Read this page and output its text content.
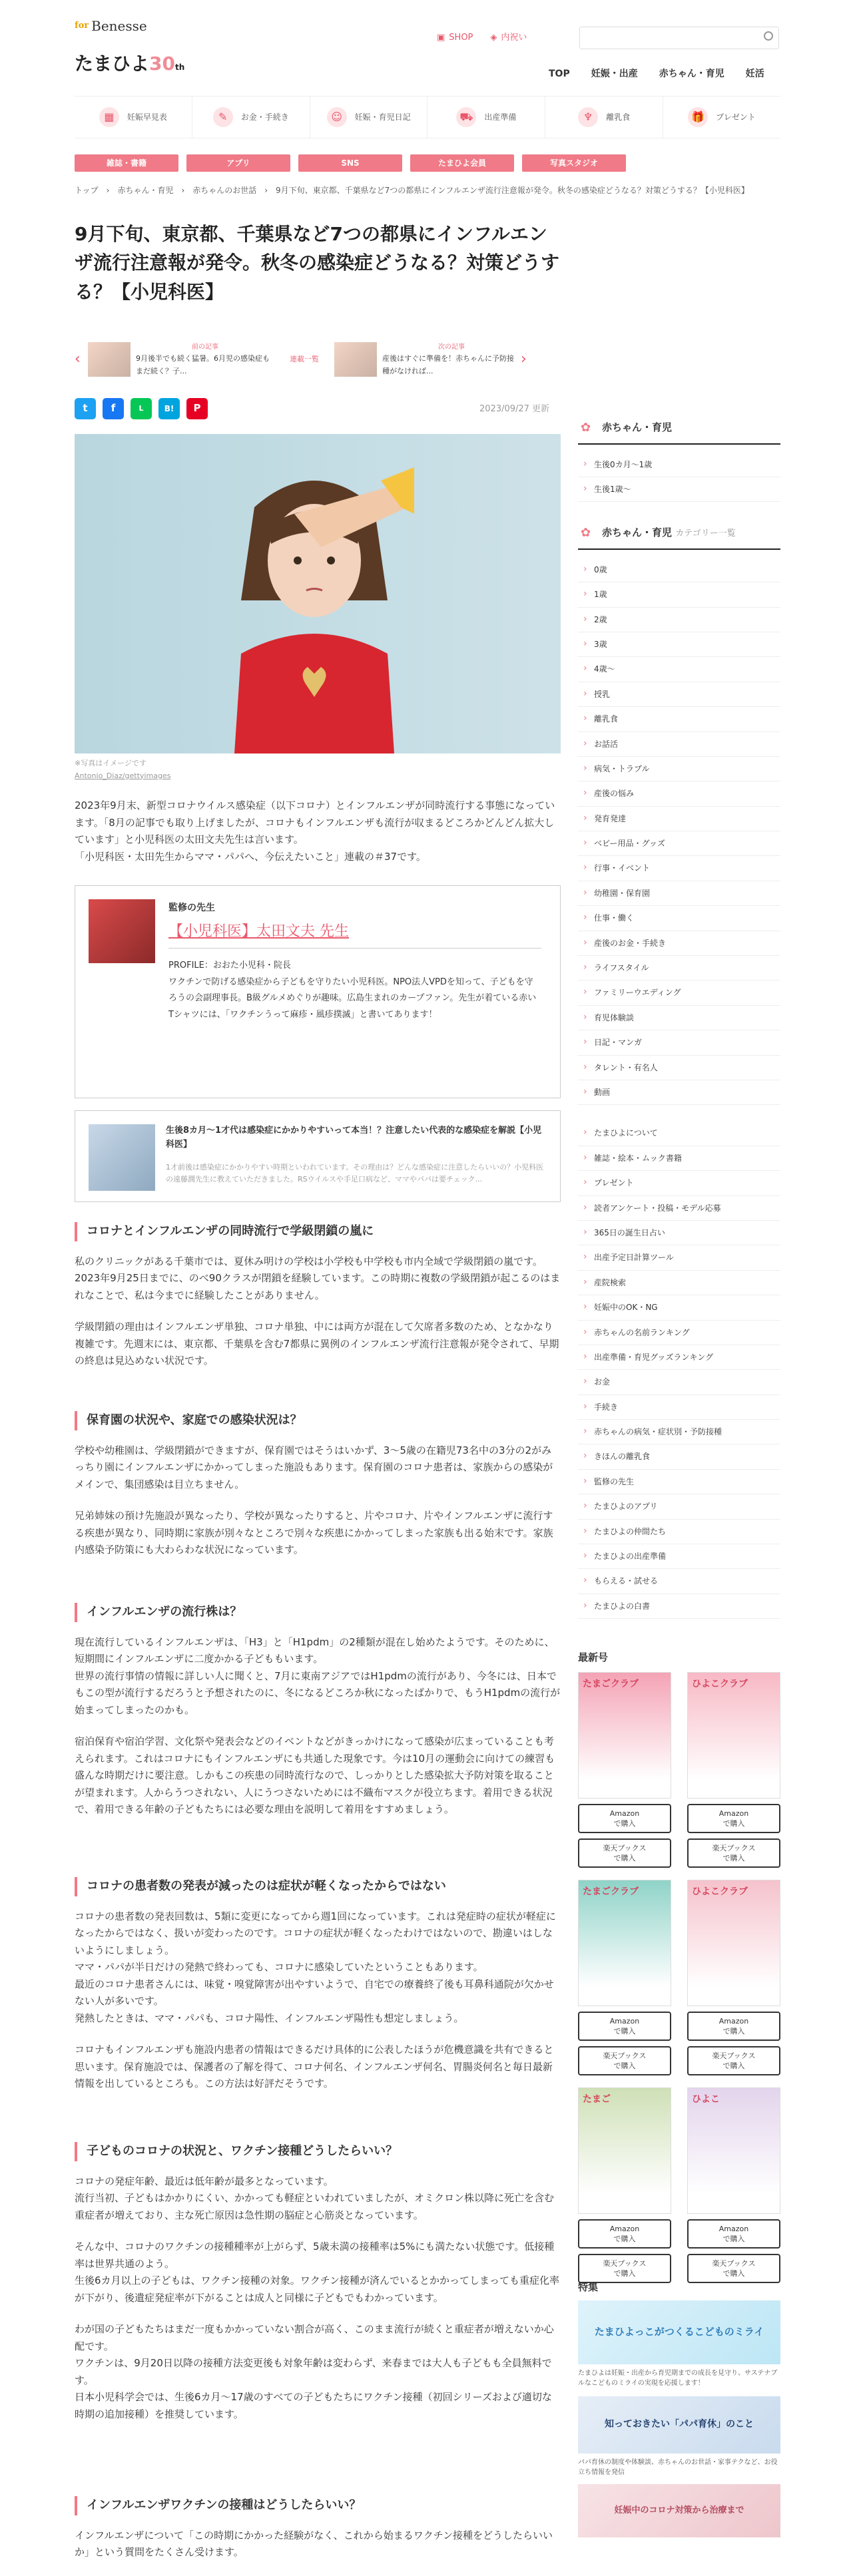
for Benesse
たまひよ30th
▣ SHOP ◈ 内祝い
TOP 妊娠・出産 赤ちゃん・育児 妊活
▦	妊娠早見表	✎	お金・手続き	☺	妊娠・育児日記	⛟	出産準備	♆	離乳食	🎁	プレゼント
雑誌・書籍	アプリ	SNS	たまひよ会員	写真スタジオ
トップ　›　赤ちゃん・育児　›　赤ちゃんのお世話　›　9月下旬、東京都、千葉県など7つの都県にインフルエンザ流行注意報が発令。秋冬の感染症どうなる？対策どうする？【小児科医】
9月下旬、東京都、千葉県など7つの都県にインフルエンザ流行注意報が発令。秋冬の感染症どうなる？対策どうする？【小児科医】
‹
前の記事
9月後半でも続く猛暑。6月児の感染症もまだ続く？子...
連載一覧
次の記事
産後はすぐに準備を！赤ちゃんに予防接種がなければ...
›
t	f	L	B!	P	2023/09/27 更新
※写真はイメージです
Antonio_Diaz/gettyimages
2023年9月末、新型コロナウイルス感染症（以下コロナ）とインフルエンザが同時流行する事態になっています。「8月の記事でも取り上げましたが、コロナもインフルエンザも流行が収まるどころかどんどん拡大しています」と小児科医の太田文夫先生は言います。
「小児科医・太田先生からママ・パパへ、今伝えたいこと」連載の＃37です。
監修の先生
【小児科医】太田文夫 先生
PROFILE：おおた小児科・院長
ワクチンで防げる感染症から子どもを守りたい小児科医。NPO法人VPDを知って、子どもを守ろうの会副理事長。B級グルメめぐりが趣味。広島生まれのカープファン。先生が着ている赤いTシャツには、「ワクチンうって麻疹・風疹撲滅」と書いてあります！
生後8カ月～1才代は感染症にかかりやすいって本当！？注意したい代表的な感染症を解説【小児科医】
1才前後は感染症にかかりやすい時期といわれています。その理由は？どんな感染症に注意したらいいの？小児科医の遠藤潤先生に教えていただきました。RSウイルスや手足口病など、ママやパパは要チェック...
コロナとインフルエンザの同時流行で学級閉鎖の嵐に

私のクリニックがある千葉市では、夏休み明けの学校は小学校も中学校も市内全域で学級閉鎖の嵐です。2023年9月25日までに、のべ90クラスが閉鎖を経験しています。この時期に複数の学級閉鎖が起こるのはまれなことで、私は今までに経験したことがありません。

学級閉鎖の理由はインフルエンザ単独、コロナ単独、中には両方が混在して欠席者多数のため、となかなり複雑です。先週末には、東京都、千葉県を含む7都県に異例のインフルエンザ流行注意報が発令されて、早期の終息は見込めない状況です。

保育園の状況や、家庭での感染状況は？

学校や幼稚園は、学級閉鎖ができますが、保育園ではそうはいかず、3～5歳の在籍児73名中の3分の2がみっちり園にインフルエンザにかかってしまった施設もあります。保育園のコロナ患者は、家族からの感染がメインで、集団感染は目立ちません。

兄弟姉妹の預け先施設が異なったり、学校が異なったりすると、片やコロナ、片やインフルエンザに流行する疾患が異なり、同時期に家族が別々なところで別々な疾患にかかってしまった家族も出る始末です。家族内感染予防策にも大わらわな状況になっています。

インフルエンザの流行株は？

現在流行しているインフルエンザは、「H3」と「H1pdm」の2種類が混在し始めたようです。そのために、短期間にインフルエンザに二度かかる子どももいます。
世界の流行事情の情報に詳しい人に聞くと、7月に東南アジアではH1pdmの流行があり、今冬には、日本でもこの型が流行するだろうと予想されたのに、冬になるどころか秋になったばかりで、もうH1pdmの流行が始まってしまったのかも。

宿泊保育や宿泊学習、文化祭や発表会などのイベントなどがきっかけになって感染が広まっていることも考えられます。これはコロナにもインフルエンザにも共通した現象です。今は10月の運動会に向けての練習も盛んな時期だけに要注意。しかもこの疾患の同時流行なので、しっかりとした感染拡大予防対策を取ることが望まれます。人からうつされない、人にうつさないためには不織布マスクが役立ちます。着用できる状況で、着用できる年齢の子どもたちには必要な理由を説明して着用をすすめましょう。

コロナの患者数の発表が減ったのは症状が軽くなったからではない

コロナの患者数の発表回数は、5類に変更になってから週1回になっています。これは発症時の症状が軽症になったからではなく、扱いが変わったのです。コロナの症状が軽くなったわけではないので、勘違いはしないようにしましょう。
ママ・パパが半日だけの発熱で終わっても、コロナに感染していたということもあります。
最近のコロナ患者さんには、味覚・嗅覚障害が出やすいようで、自宅での療養終了後も耳鼻科通院が欠かせない人が多いです。
発熱したときは、ママ・パパも、コロナ陽性、インフルエンザ陽性も想定しましょう。

コロナもインフルエンザも施設内患者の情報はできるだけ具体的に公表したほうが危機意識を共有できると思います。保育施設では、保護者の了解を得て、コロナ何名、インフルエンザ何名、胃腸炎何名と毎日最新情報を出しているところも。この方法は好評だそうです。

子どものコロナの状況と、ワクチン接種どうしたらいい？

コロナの発症年齢、最近は低年齢が最多となっています。
流行当初、子どもはかかりにくい、かかっても軽症といわれていましたが、オミクロン株以降に死亡を含む重症者が増えており、主な死亡原因は急性期の脳症と心筋炎となっています。

そんな中、コロナのワクチンの接種種率が上がらず、5歳未満の接種率は5%にも満たない状態です。低接種率は世界共通のよう。
生後6カ月以上の子どもは、ワクチン接種の対象。ワクチン接種が済んでいるとかかってしまっても重症化率が下がり、後遺症発症率が下がることは成人と同様に子どもでもわかっています。

わが国の子どもたちはまだ一度もかかっていない割合が高く、このまま流行が続くと重症者が増えないか心配です。
ワクチンは、9月20日以降の接種方法変更後も対象年齢は変わらず、来春までは大人も子どもも全員無料です。
日本小児科学会では、生後6カ月～17歳のすべての子どもたちにワクチン接種（初回シリーズおよび適切な時期の追加接種）を推奨しています。

インフルエンザワクチンの接種はどうしたらいい？

インフルエンザについて「この時期にかかった経験がなく、これから始まるワクチン接種をどうしたらいいか」という質問をたくさん受けます。

✿ 赤ちゃん・育児
› 生後0カ月～1歳
› 生後1歳～
✿ 赤ちゃん・育児 カテゴリー一覧
› 0歳
› 1歳
› 2歳
› 3歳
› 4歳～
› 授乳
› 離乳食
› お話活
› 病気・トラブル
› 産後の悩み
› 発育発達
› ベビー用品・グッズ
› 行事・イベント
› 幼稚園・保育園
› 仕事・働く
› 産後のお金・手続き
› ライフスタイル
› ファミリーウエディング
› 育児体験談
› 日記・マンガ
› タレント・有名人
› 動画
› たまひよについて
› 雑誌・絵本・ムック書籍
› プレゼント
› 読者アンケート・投稿・モデル応募
› 365日の誕生日占い
› 出産予定日計算ツール
› 産院検索
› 妊娠中のOK・NG
› 赤ちゃんの名前ランキング
› 出産準備・育児グッズランキング
› お金
› 手続き
› 赤ちゃんの病気・症状別・予防接種
› きほんの離乳食
› 監修の先生
› たまひよのアプリ
› たまひよの仲間たち
› たまひよの出産準備
› もらえる・試せる
› たまひよの白書
最新号
たまごクラブ
Amazon
で購入
楽天ブックス
で購入
ひよこクラブ
Amazon
で購入
楽天ブックス
で購入
たまごクラブ
Amazon
で購入
楽天ブックス
で購入
ひよこクラブ
Amazon
で購入
楽天ブックス
で購入
たまご
Amazon
で購入
楽天ブックス
で購入
ひよこ
Amazon
で購入
楽天ブックス
で購入
特集
たまひよっこがつくるこどものミライ
たまひよは妊娠・出産から育児期までの成長を見守り、サステナブルなこどものミライの実現を応援します！
知っておきたい「パパ育休」のこと
パパ育休の制度や体験談、赤ちゃんのお世話・家事テクなど、お役立ち情報を発信
妊娠中のコロナ対策から治療まで
